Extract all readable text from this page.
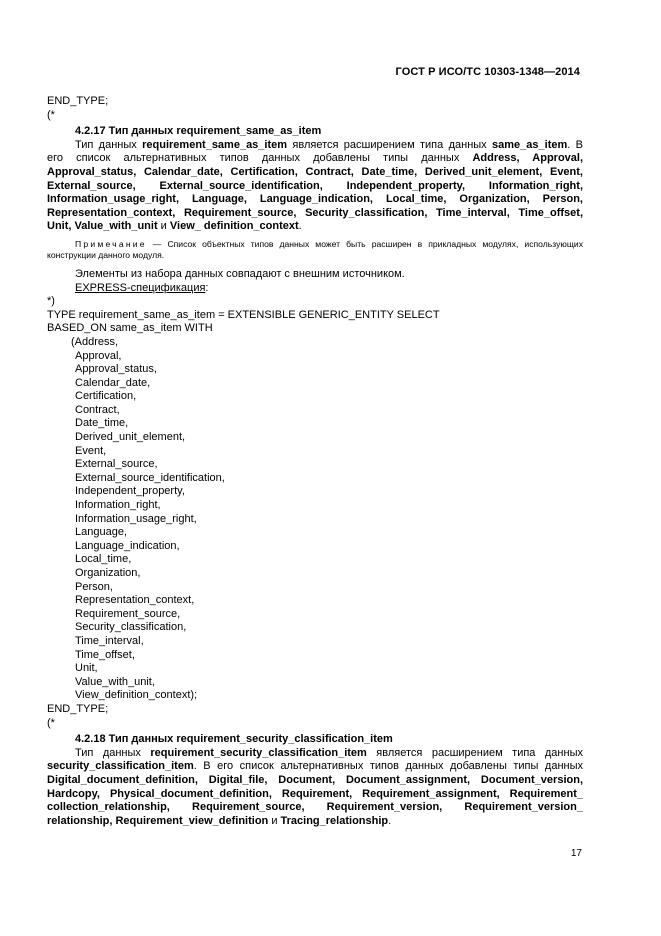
ГОСТ Р ИСО/ТС 10303-1348—2014
END_TYPE;
(*
4.2.17 Тип данных requirement_same_as_item
Тип данных requirement_same_as_item является расширением типа данных same_as_item. В его список альтернативных типов данных добавлены типы данных Address, Approval, Approval_status, Calendar_date, Certification, Contract, Date_time, Derived_unit_element, Event, External_source, External_source_identification, Independent_property, Information_right, Information_usage_right, Language, Language_indication, Local_time, Organization, Person, Representation_context, Requirement_source, Security_classification, Time_interval, Time_offset, Unit, Value_with_unit и View_ definition_context.
Примечание — Список объектных типов данных может быть расширен в прикладных модулях, использующих конструкции данного модуля.
Элементы из набора данных совпадают с внешним источником.
EXPRESS-спецификация:
*)
TYPE requirement_same_as_item = EXTENSIBLE GENERIC_ENTITY SELECT
BASED_ON same_as_item WITH
(Address,
Approval,
Approval_status,
Calendar_date,
Certification,
Contract,
Date_time,
Derived_unit_element,
Event,
External_source,
External_source_identification,
Independent_property,
Information_right,
Information_usage_right,
Language,
Language_indication,
Local_time,
Organization,
Person,
Representation_context,
Requirement_source,
Security_classification,
Time_interval,
Time_offset,
Unit,
Value_with_unit,
View_definition_context);
END_TYPE;
(*
4.2.18 Тип данных requirement_security_classification_item
Тип данных requirement_security_classification_item является расширением типа данных security_classification_item. В его список альтернативных типов данных добавлены типы данных Digital_document_definition, Digital_file, Document, Document_assignment, Document_version, Hardcopy, Physical_document_definition, Requirement, Requirement_assignment, Requirement_ collection_relationship, Requirement_source, Requirement_version, Requirement_version_ relationship, Requirement_view_definition и Tracing_relationship.
17
